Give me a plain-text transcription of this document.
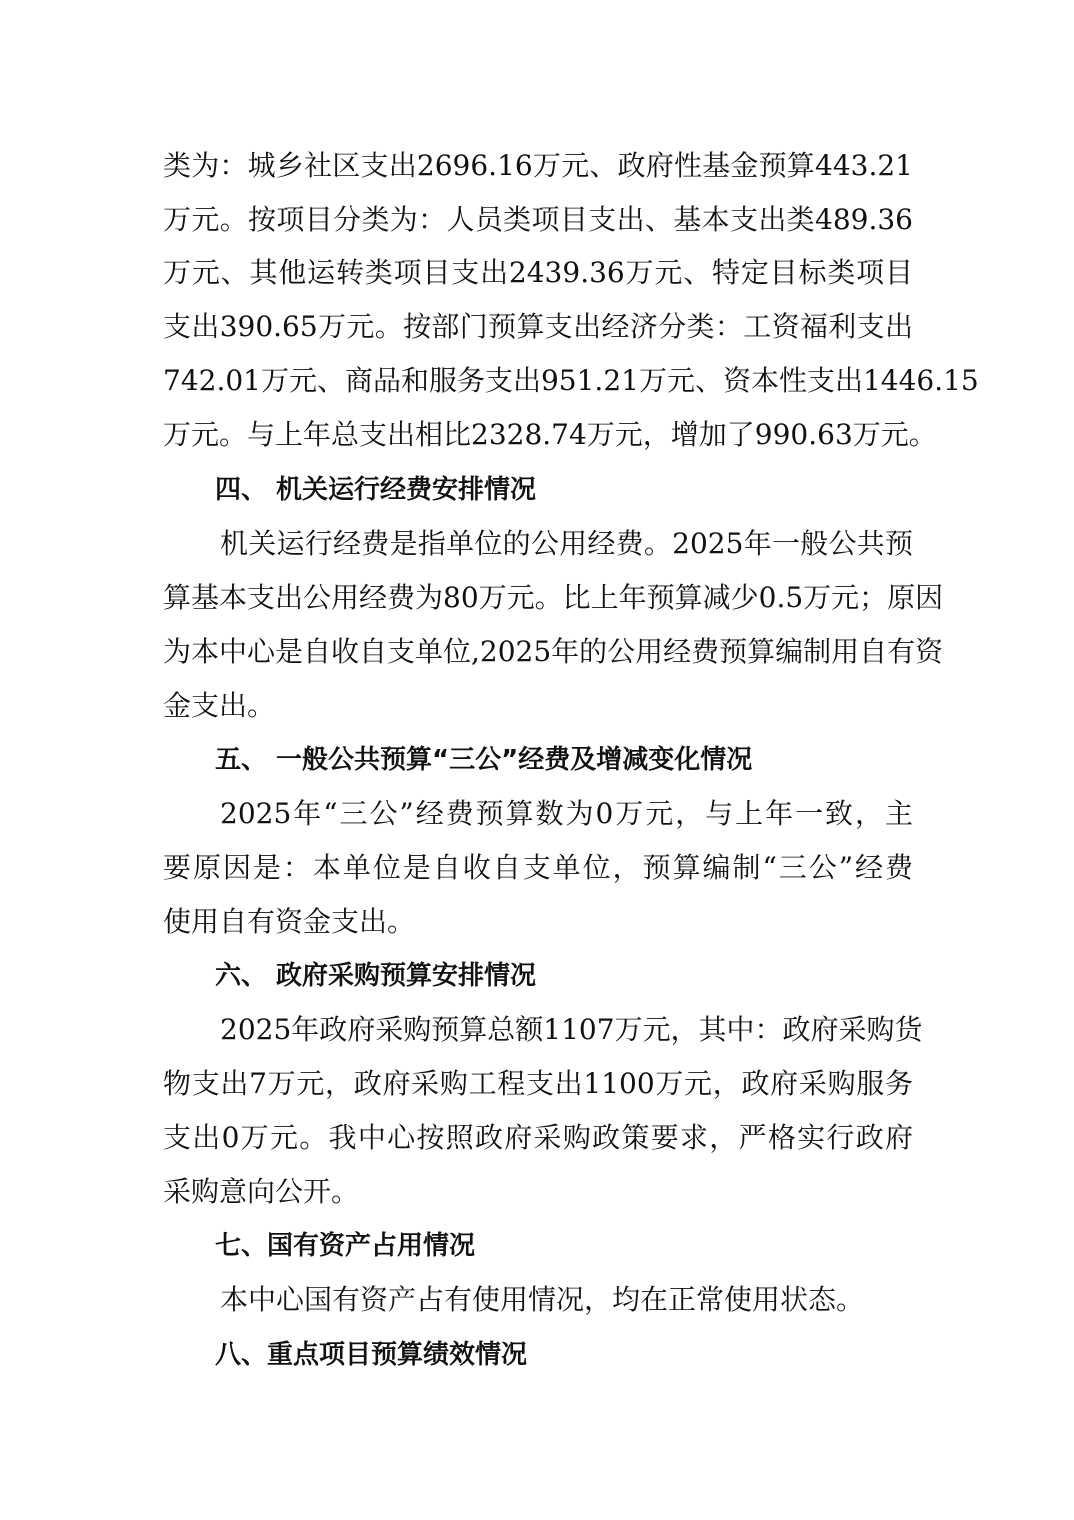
类为：城乡社区支出2696.16万元、政府性基金预算443.21
万元。按项目分类为：人员类项目支出、基本支出类489.36
万元、其他运转类项目支出2439.36万元、特定目标类项目
支出390.65万元。按部门预算支出经济分类：工资福利支出
742.01万元、商品和服务支出951.21万元、资本性支出1446.15
万元。与上年总支出相比2328.74万元，增加了990.63万元。
四、 机关运行经费安排情况
机关运行经费是指单位的公用经费。2025年一般公共预
算基本支出公用经费为80万元。比上年预算减少0.5万元；原因
为本中心是自收自支单位,2025年的公用经费预算编制用自有资
金支出。
五、 一般公共预算“三公”经费及增减变化情况
2025年“三公”经费预算数为0万元，与上年一致，主
要原因是：本单位是自收自支单位，预算编制“三公”经费
使用自有资金支出。
六、 政府采购预算安排情况
2025年政府采购预算总额1107万元，其中：政府采购货
物支出7万元，政府采购工程支出1100万元，政府采购服务
支出0万元。我中心按照政府采购政策要求，严格实行政府
采购意向公开。
七、国有资产占用情况
本中心国有资产占有使用情况，均在正常使用状态。
八、重点项目预算绩效情况
